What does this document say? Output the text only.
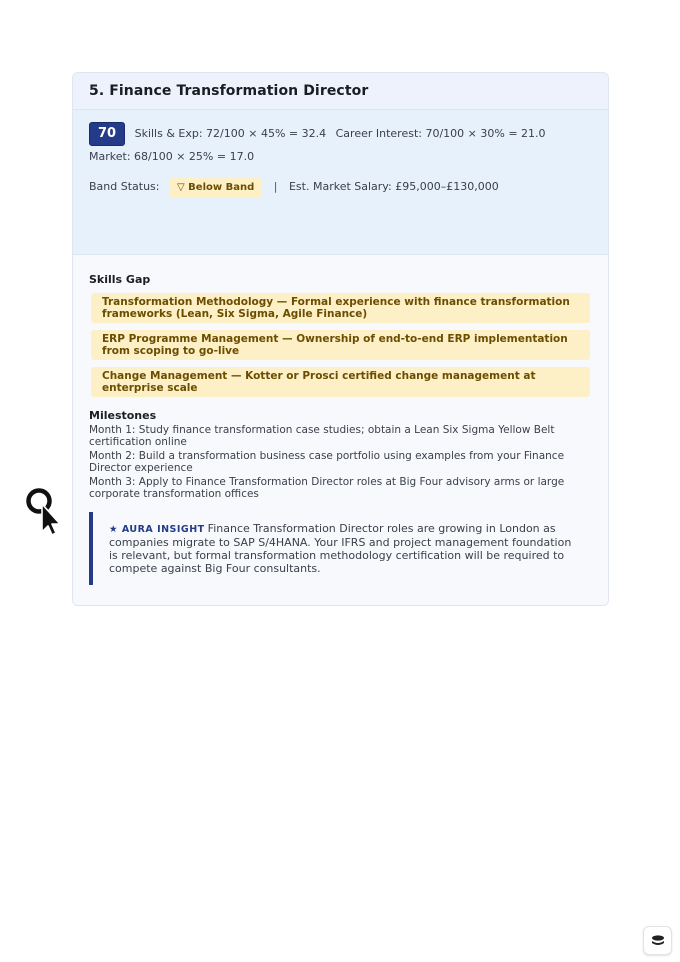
5. Finance Transformation Director
70 Skills & Exp: 72/100 × 45% = 32.4 Career Interest: 70/100 × 30% = 21.0 Market: 68/100 × 25% = 17.0
Band Status: ▽ Below Band | Est. Market Salary: £95,000–£130,000
Skills Gap
Transformation Methodology — Formal experience with finance transformation frameworks (Lean, Six Sigma, Agile Finance)
ERP Programme Management — Ownership of end-to-end ERP implementation from scoping to go-live
Change Management — Kotter or Prosci certified change management at enterprise scale
Milestones
Month 1: Study finance transformation case studies; obtain a Lean Six Sigma Yellow Belt certification online
Month 2: Build a transformation business case portfolio using examples from your Finance Director experience
Month 3: Apply to Finance Transformation Director roles at Big Four advisory arms or large corporate transformation offices
★ AURA INSIGHT Finance Transformation Director roles are growing in London as companies migrate to SAP S/4HANA. Your IFRS and project management foundation is relevant, but formal transformation methodology certification will be required to compete against Big Four consultants.
